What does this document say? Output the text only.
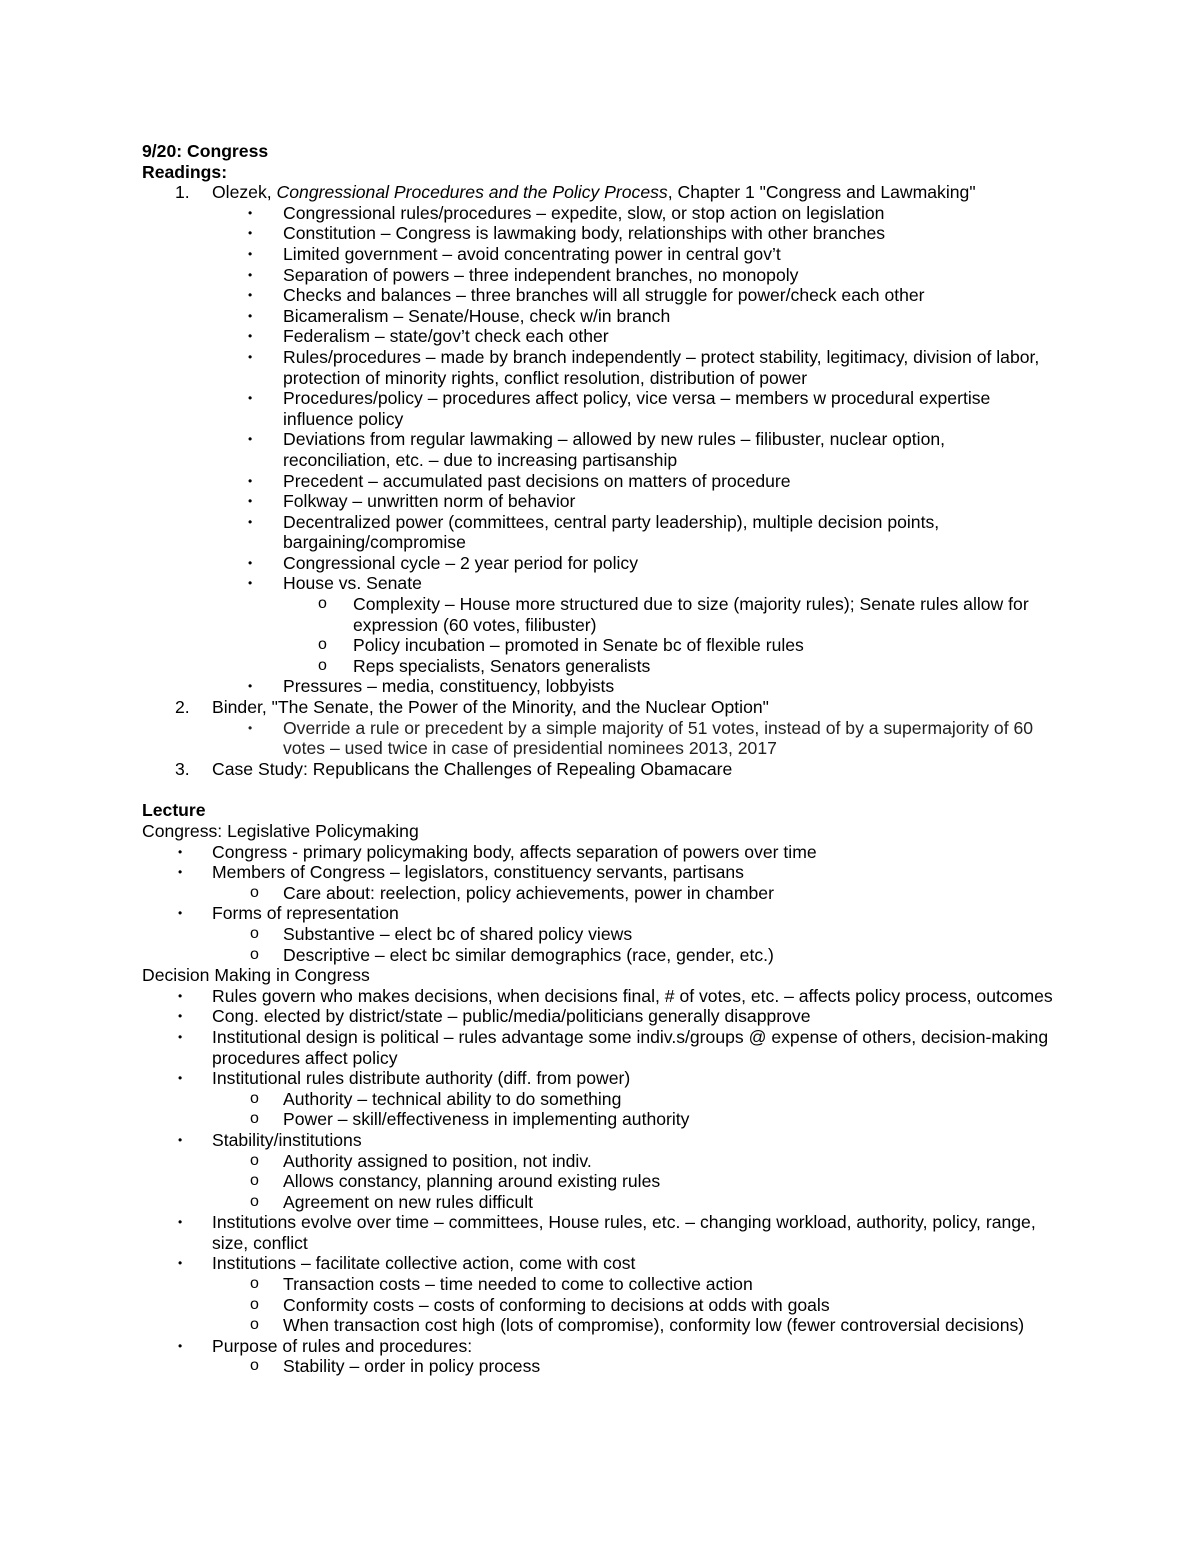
9/20: Congress
Readings:
1. Olezek, Congressional Procedures and the Policy Process, Chapter 1 "Congress and Lawmaking"
• Congressional rules/procedures – expedite, slow, or stop action on legislation
• Constitution – Congress is lawmaking body, relationships with other branches
• Limited government – avoid concentrating power in central gov’t
• Separation of powers – three independent branches, no monopoly
• Checks and balances – three branches will all struggle for power/check each other
• Bicameralism – Senate/House, check w/in branch
• Federalism – state/gov’t check each other
• Rules/procedures – made by branch independently – protect stability, legitimacy, division of labor, protection of minority rights, conflict resolution, distribution of power
• Procedures/policy – procedures affect policy, vice versa – members w procedural expertise influence policy
• Deviations from regular lawmaking – allowed by new rules – filibuster, nuclear option, reconciliation, etc. – due to increasing partisanship
• Precedent – accumulated past decisions on matters of procedure
• Folkway – unwritten norm of behavior
• Decentralized power (committees, central party leadership), multiple decision points, bargaining/compromise
• Congressional cycle – 2 year period for policy
• House vs. Senate
o Complexity – House more structured due to size (majority rules); Senate rules allow for expression (60 votes, filibuster)
o Policy incubation – promoted in Senate bc of flexible rules
o Reps specialists, Senators generalists
• Pressures – media, constituency, lobbyists
2. Binder, "The Senate, the Power of the Minority, and the Nuclear Option"
• Override a rule or precedent by a simple majority of 51 votes, instead of by a supermajority of 60 votes – used twice in case of presidential nominees 2013, 2017
3. Case Study: Republicans the Challenges of Repealing Obamacare
Lecture
Congress: Legislative Policymaking
• Congress - primary policymaking body, affects separation of powers over time
• Members of Congress – legislators, constituency servants, partisans
o Care about: reelection, policy achievements, power in chamber
• Forms of representation
o Substantive – elect bc of shared policy views
o Descriptive – elect bc similar demographics (race, gender, etc.)
Decision Making in Congress
• Rules govern who makes decisions, when decisions final, # of votes, etc. – affects policy process, outcomes
• Cong. elected by district/state – public/media/politicians generally disapprove
• Institutional design is political – rules advantage some indiv.s/groups @ expense of others, decision-making procedures affect policy
• Institutional rules distribute authority (diff. from power)
o Authority – technical ability to do something
o Power – skill/effectiveness in implementing authority
• Stability/institutions
o Authority assigned to position, not indiv.
o Allows constancy, planning around existing rules
o Agreement on new rules difficult
• Institutions evolve over time – committees, House rules, etc. – changing workload, authority, policy, range, size, conflict
• Institutions – facilitate collective action, come with cost
o Transaction costs – time needed to come to collective action
o Conformity costs – costs of conforming to decisions at odds with goals
o When transaction cost high (lots of compromise), conformity low (fewer controversial decisions)
• Purpose of rules and procedures:
o Stability – order in policy process
